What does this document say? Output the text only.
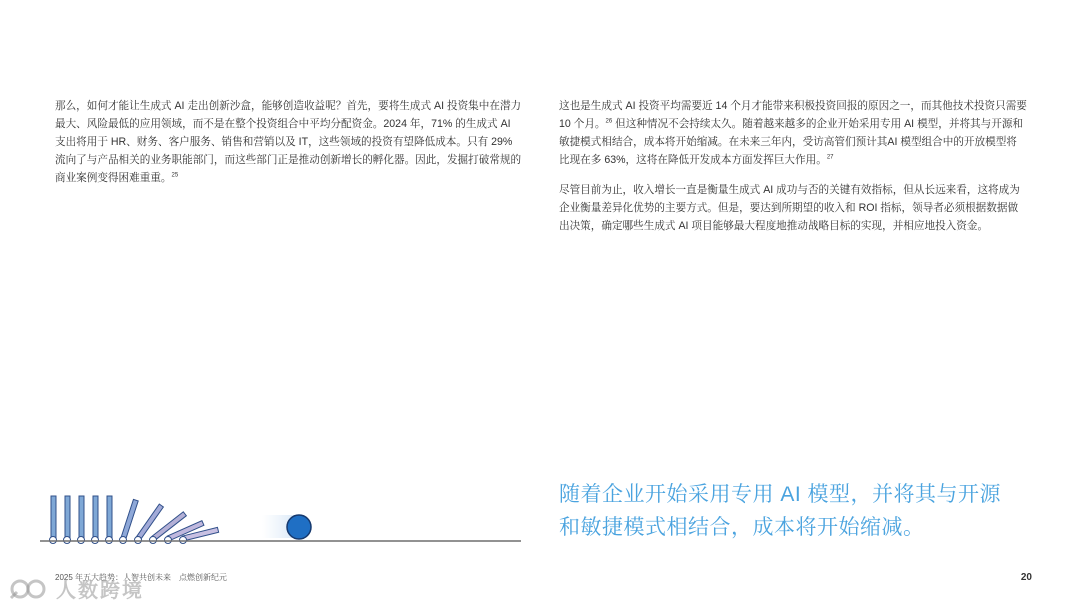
那么，如何才能让生成式 AI 走出创新沙盒，能够创造收益呢？首先，要将生成式 AI 投资集中在潜力最大、风险最低的应用领域，而不是在整个投资组合中平均分配资金。2024 年，71% 的生成式 AI 支出将用于 HR、财务、客户服务、销售和营销以及 IT，这些领域的投资有望降低成本。只有 29% 流向了与产品相关的业务职能部门，而这些部门正是推动创新增长的孵化器。因此，发掘打破常规的商业案例变得困难重重。$^{25}$

这也是生成式 AI 投资平均需要近 14 个月才能带来积极投资回报的原因之一，而其他技术投资只需要 10 个月。$^{26}$ 但这种情况不会持续太久。随着越来越多的企业开始采用专用 AI 模型，并将其与开源和敏捷模式相结合，成本将开始缩减。在未来三年内，受访高管们预计其AI 模型组合中的开放模型将比现在多 63%，这将在降低开发成本方面发挥巨大作用。$^{27}$

尽管目前为止，收入增长一直是衡量生成式 AI 成功与否的关键有效指标，但从长远来看，这将成为企业衡量差异化优势的主要方式。但是，要达到所期望的收入和 ROI 指标，领导者必须根据数据做出决策，确定哪些生成式 AI 项目能够最大程度地推动战略目标的实现，并相应地投入资金。

随着企业开始采用专用 AI 模型，并将其与开源
和敏捷模式相结合，成本将开始缩减。
2025 年五大趋势：人智共创未来　点燃创新纪元	20
人数跨境
